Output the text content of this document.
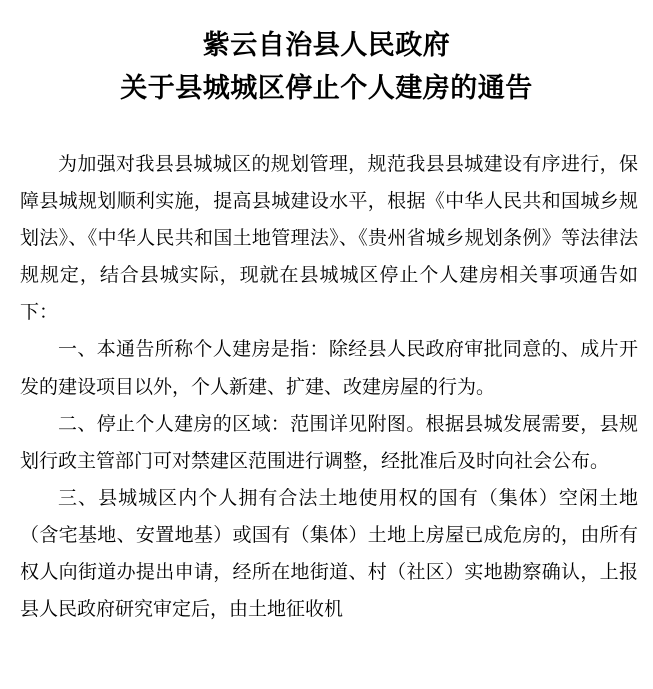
紫云自治县人民政府
关于县城城区停止个人建房的通告

为加强对我县县城城区的规划管理，规范我县县城建设有序进行，保障县城规划顺利实施，提高县城建设水平，根据《中华人民共和国城乡规划法》、《中华人民共和国土地管理法》、《贵州省城乡规划条例》等法律法规规定，结合县城实际，现就在县城城区停止个人建房相关事项通告如下：

一、本通告所称个人建房是指：除经县人民政府审批同意的、成片开发的建设项目以外，个人新建、扩建、改建房屋的行为。

二、停止个人建房的区域：范围详见附图。根据县城发展需要，县规划行政主管部门可对禁建区范围进行调整，经批准后及时向社会公布。

三、县城城区内个人拥有合法土地使用权的国有（集体）空闲土地（含宅基地、安置地基）或国有（集体）土地上房屋已成危房的，由所有权人向街道办提出申请，经所在地街道、村（社区）实地勘察确认，上报县人民政府研究审定后，由土地征收机
